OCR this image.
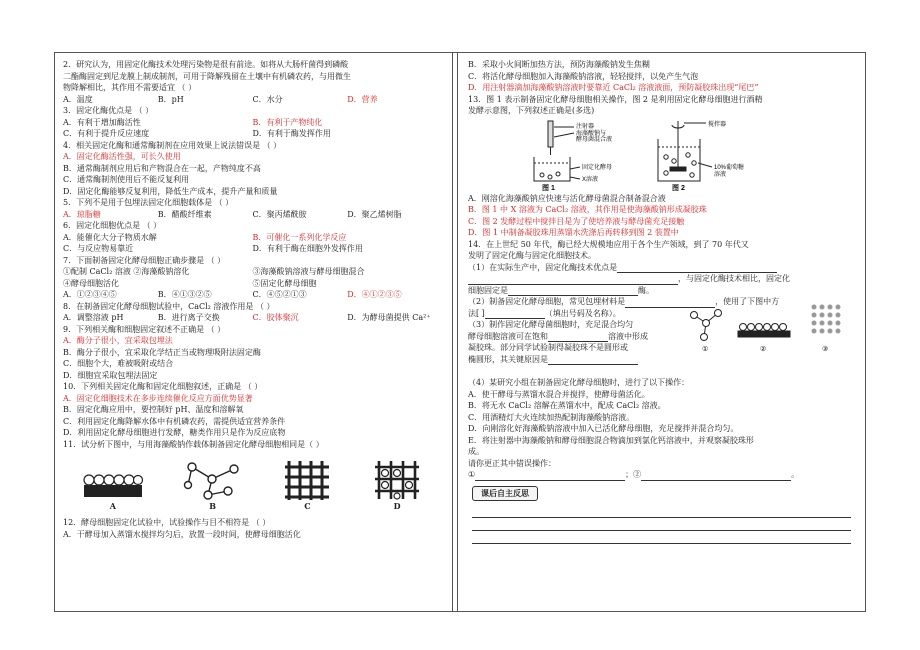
2．研究认为，用固定化酶技术处理污染物是很有前途。如将从大肠杆菌得到磷酸
二酯酶固定到尼龙膜上制成制剂，可用于降解残留在土壤中有机磷农药，与用微生
物降解相比，其作用不需要适宜 （ ）
A．温度	B．pH	C．水分	D．营养
3．固定化酶优点是 （ ）
A．有利于增加酶活性	B．有利于产物纯化
C．有利于提升反应速度	D．有利于酶发挥作用
4．相关固定化酶和通常酶制剂在应用效果上说法错误是 （ ）
A．固定化酶活性强，可长久使用
B．通常酶制剂应用后和产物混合在一起，产物纯度不高
C．通常酶制剂使用后不能反复利用
D．固定化酶能够反复利用，降低生产成本，提升产量和质量
5．下列不是用于包埋法固定化细胞载体是 （ ）
A．琼脂糖	B．醋酸纤维素	C．聚丙烯酰胺	D．聚乙烯树脂
6．固定化细胞优点是 （ ）
A．能催化大分子物质水解	B．可催化一系列化学反应
C．与反应物易靠近	D．有利于酶在细胞外发挥作用
7．下面制备固定化酵母细胞正确步骤是 （ ）
①配制 CaCl₂ 溶液 ②海藻酸钠溶化	③海藻酸钠溶液与酵母细胞混合
④酵母细胞活化	⑤固定化酵母细胞
A．①②③④⑤	B．④①③②⑤	C．④⑤②①③	D．④①②③⑤
8．在制备固定化酵母细胞试验中，CaCl₂ 溶液作用是 （ ）
A．调整溶液 pH	B．进行离子交换	C．胶体聚沉	D．为酵母菌提供 Ca²⁺
9．下列相关酶和细胞固定叙述不正确是 （ ）
A．酶分子很小，宜采取包埋法
B．酶分子很小，宜采取化学结正当或物理吸附法固定酶
C．细胞个大，难被吸附或结合
D．细胞宜采取包埋法固定
10．下列相关固定化酶和固定化细胞叙述，正确是 （ ）
A．固定化细胞技术在多步连续催化反应方面优势显著
B．固定化酶应用中，要控制好 pH、温度和溶解氧
C．利用固定化酶降解水体中有机磷农药，需提供适宜营养条件
D．利用固定化酵母细胞进行发酵，糖类作用只是作为反应底物
11．试分析下图中，与用海藻酸钠作载体制备固定化酵母细胞相同是（ ）
A	B	C	D
12．酵母细胞固定化试验中，试验操作与目不相符是 （ ）
A．干酵母加入蒸馏水搅拌均匀后，放置一段时间，使酵母细胞活化
B．采取小火间断加热方法，预防海藻酸钠发生焦糊
C．将活化酵母细胞加入海藻酸钠溶液，轻轻搅拌，以免产生气泡
D．用注射器滴加海藻酸钠溶液时要靠近 CaCl₂ 溶液液面，预防凝胶珠出现“尾巴”
13．图 1 表示制备固定化酵母细胞相关操作，图 2 是利用固定化酵母细胞进行酒精
发酵示意图，下列叙述正确是(多选)
注射器
海藻酸钠与
酵母菌混合液
固定化酵母
X溶液
图 1
搅拌器
10%葡萄糖
溶液
图 2
A．刚溶化海藻酸钠应快速与活化酵母菌混合制备混合液
B．图 1 中 X 溶液为 CaCl₂ 溶液，其作用是使海藻酸钠形成凝胶珠
C．图 2 发酵过程中搅拌目是为了使培养液与酵母菌充足接触
D．图 1 中制备凝胶珠用蒸馏水洗涤后再转移到图 2 装置中
14．在上世纪 50 年代，酶已经大规模地应用于各个生产领域，到了 70 年代又
发明了固定化酶与固定化细胞技术。
（1）在实际生产中，固定化酶技术优点是
，与固定化酶技术相比，固定化
细胞固定是	酶。
（2）制备固定化酵母细胞，常见包埋材料是	，使用了下图中方
法[ ]	（填出号码及名称）。
（3）制作固定化酵母菌细胞时，充足混合均匀
酵母细胞溶液可在饱和	溶液中形成
凝胶珠。部分同学试验制得凝胶珠不是圆形或
椭圆形，其关键原因是
①	②	③
（4）某研究小组在制备固定化酵母细胞时，进行了以下操作：
A．使干酵母与蒸馏水混合并搅拌，使酵母菌活化。
B．将无水 CaCl₂ 溶解在蒸馏水中，配成 CaCl₂ 溶液。
C．用酒精灯大火连续加热配制海藻酸钠溶液。
D．向刚溶化好海藻酸钠溶液中加入已活化酵母细胞，充足搅拌并混合均匀。
E．将注射器中海藻酸钠和酵母细胞混合物滴加到氯化钙溶液中，并观察凝胶珠形
成。
请你更正其中错误操作：
①	；②	。
课后自主反思
